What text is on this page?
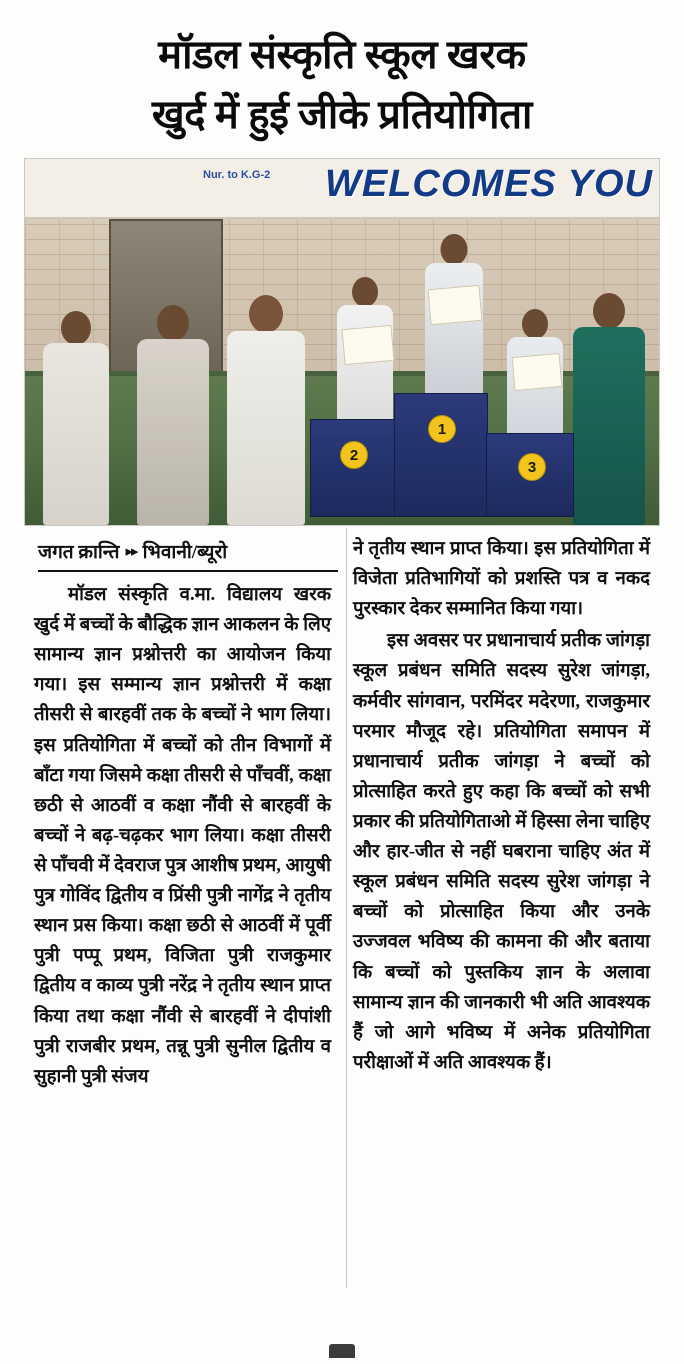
मॉडल संस्कृति स्कूल खरक
खुर्द में हुई जीके प्रतियोगिता
Nur. to K.G-2 WELCOMES YOU
1
2
3
जगत क्रान्ति ▸▸ भिवानी/ब्यूरो

मॉडल संस्कृति व.मा. विद्यालय खरक खुर्द में बच्चों के बौद्धिक ज्ञान आकलन के लिए सामान्य ज्ञान प्रश्नोत्तरी का आयोजन किया गया। इस सम्मान्य ज्ञान प्रश्नोत्तरी में कक्षा तीसरी से बारहवीं तक के बच्चों ने भाग लिया। इस प्रतियोगिता में बच्चों को तीन विभागों में बाँटा गया जिसमे कक्षा तीसरी से पाँचवीं, कक्षा छठी से आठवीं व कक्षा नौंवी से बारहवीं के बच्चों ने बढ़-चढ़कर भाग लिया। कक्षा तीसरी से पाँचवी में देवराज पुत्र आशीष प्रथम, आयुषी पुत्र गोविंद द्वितीय व प्रिंसी पुत्री नागेंद्र ने तृतीय स्थान प्रस किया। कक्षा छठी से आठवीं में पूर्वी पुत्री पप्पू प्रथम, विजिता पुत्री राजकुमार द्वितीय व काव्य पुत्री नरेंद्र ने तृतीय स्थान प्राप्त किया तथा कक्षा नौंवी से बारहवीं ने दीपांशी पुत्री राजबीर प्रथम, तन्नू पुत्री सुनील द्वितीय व सुहानी पुत्री संजय

ने तृतीय स्थान प्राप्त किया। इस प्रतियोगिता में विजेता प्रतिभागियों को प्रशस्ति पत्र व नकद पुरस्कार देकर सम्मानित किया गया।

इस अवसर पर प्रधानाचार्य प्रतीक जांगड़ा स्कूल प्रबंधन समिति सदस्य सुरेश जांगड़ा, कर्मवीर सांगवान, परमिंदर मदेरणा, राजकुमार परमार मौजूद रहे। प्रतियोगिता समापन में प्रधानाचार्य प्रतीक जांगड़ा ने बच्चों को प्रोत्साहित करते हुए कहा कि बच्चों को सभी प्रकार की प्रतियोगिताओ में हिस्सा लेना चाहिए और हार-जीत से नहीं घबराना चाहिए अंत में स्कूल प्रबंधन समिति सदस्य सुरेश जांगड़ा ने बच्चों को प्रोत्साहित किया और उनके उज्जवल भविष्य की कामना की और बताया कि बच्चों को पुस्तकिय ज्ञान के अलावा सामान्य ज्ञान की जानकारी भी अति आवश्यक हैं जो आगे भविष्य में अनेक प्रतियोगिता परीक्षाओं में अति आवश्यक हैं।
